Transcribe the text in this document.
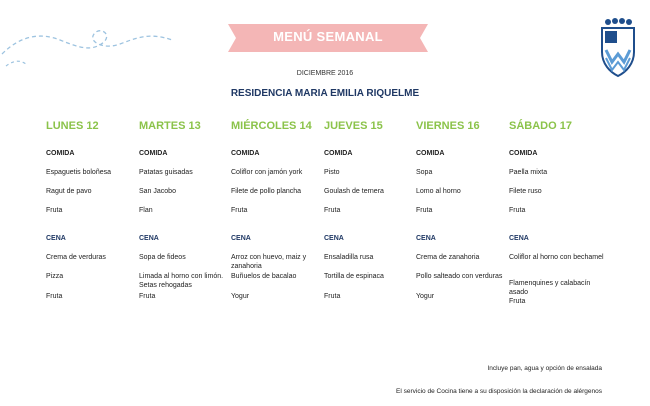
MENÚ SEMANAL
DICIEMBRE 2016
RESIDENCIA MARIA EMILIA RIQUELME
LUNES 12
COMIDA
Espaguetis boloñesa
Ragut de pavo
Fruta
CENA
Crema de verduras
Pizza
Fruta
MARTES 13
COMIDA
Patatas guisadas
San Jacobo
Flan
CENA
Sopa de fideos
Limada al horno con limón. Setas rehogadas
Fruta
MIÉRCOLES 14
COMIDA
Coliflor con jamón york
Filete de pollo plancha
Fruta
CENA
Arroz con huevo, maiz y zanahoria
Buñuelos de bacalao
Yogur
JUEVES 15
COMIDA
Pisto
Goulash de ternera
Fruta
CENA
Ensaladilla rusa
Tortilla de espinaca
Fruta
VIERNES 16
COMIDA
Sopa
Lomo al horno
Fruta
CENA
Crema de zanahoria
Pollo salteado con verduras
Yogur
SÁBADO 17
COMIDA
Paella mixta
Filete ruso
Fruta
CENA
Coliflor al horno con bechamel
Flamenquines y calabacín asado
Fruta
Incluye pan, agua y opción de ensalada
El servicio de Cocina tiene a su disposición la declaración de alérgenos
